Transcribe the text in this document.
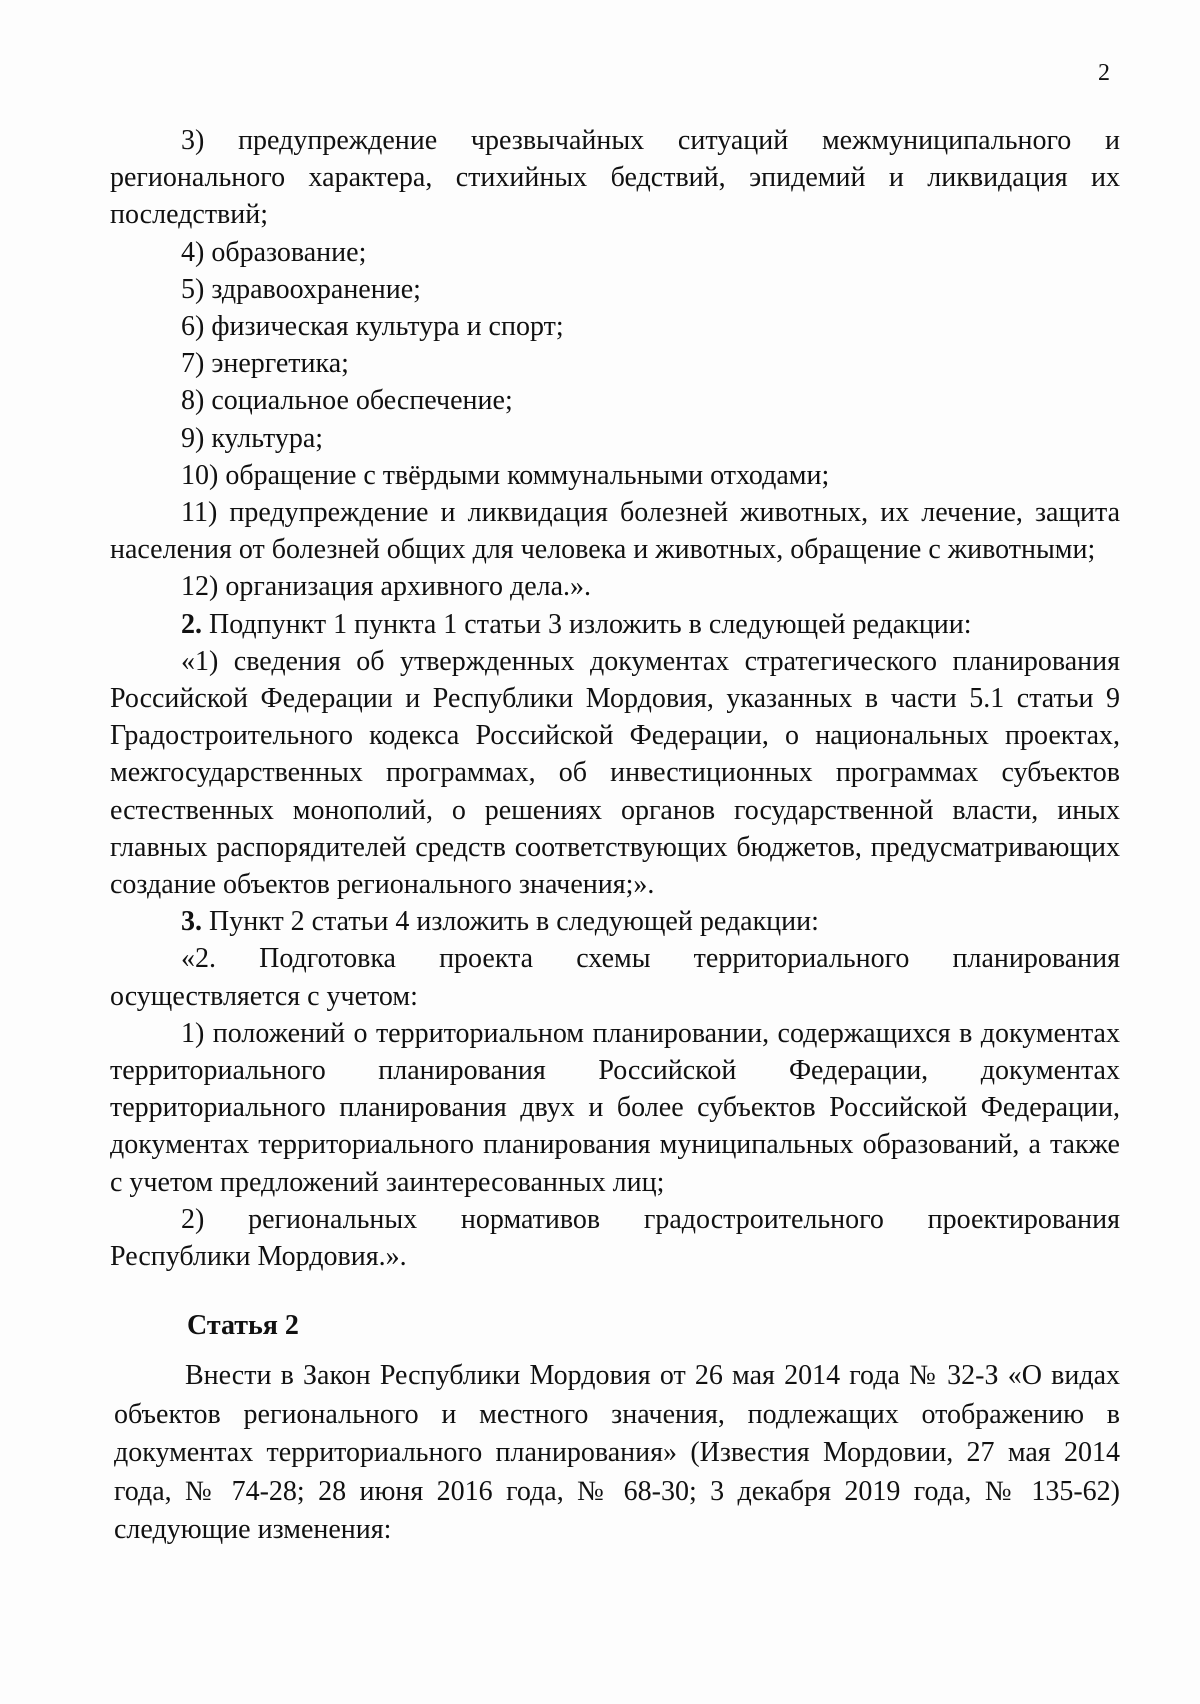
2

3) предупреждение чрезвычайных ситуаций межмуниципального и

регионального характера, стихийных бедствий, эпидемий и ликвидация их

последствий;

4) образование;

5) здравоохранение;

6) физическая культура и спорт;

7) энергетика;

8) социальное обеспечение;

9) культура;

10) обращение с твёрдыми коммунальными отходами;

11) предупреждение и ликвидация болезней животных, их лечение, защита

населения от болезней общих для человека и животных, обращение с животными;

12) организация архивного дела.».

2. Подпункт 1 пункта 1 статьи 3 изложить в следующей редакции:

«1) сведения об утвержденных документах стратегического планирования Российской Федерации и Республики Мордовия, указанных в части 5.1 статьи 9 Градостроительного кодекса Российской Федерации, о национальных проектах, межгосударственных программах, об инвестиционных программах субъектов естественных монополий, о решениях органов государственной власти, иных главных распорядителей средств соответствующих бюджетов, предусматривающих создание объектов регионального значения;».

3. Пункт 2 статьи 4 изложить в следующей редакции:

«2. Подготовка проекта схемы территориального планирования осуществляется с учетом:

1) положений о территориальном планировании, содержащихся в документах территориального планирования Российской Федерации, документах территориального планирования двух и более субъектов Российской Федерации, документах территориального планирования муниципальных образований, а также с учетом предложений заинтересованных лиц;

2) региональных нормативов градостроительного проектирования Республики Мордовия.».

Статья 2

Внести в Закон Республики Мордовия от 26 мая 2014 года № 32-З «О видах объектов регионального и местного значения, подлежащих отображению в документах территориального планирования» (Известия Мордовии, 27 мая 2014 года, № 74-28; 28 июня 2016 года, № 68-30; 3 декабря 2019 года, № 135-62) следующие изменения:
